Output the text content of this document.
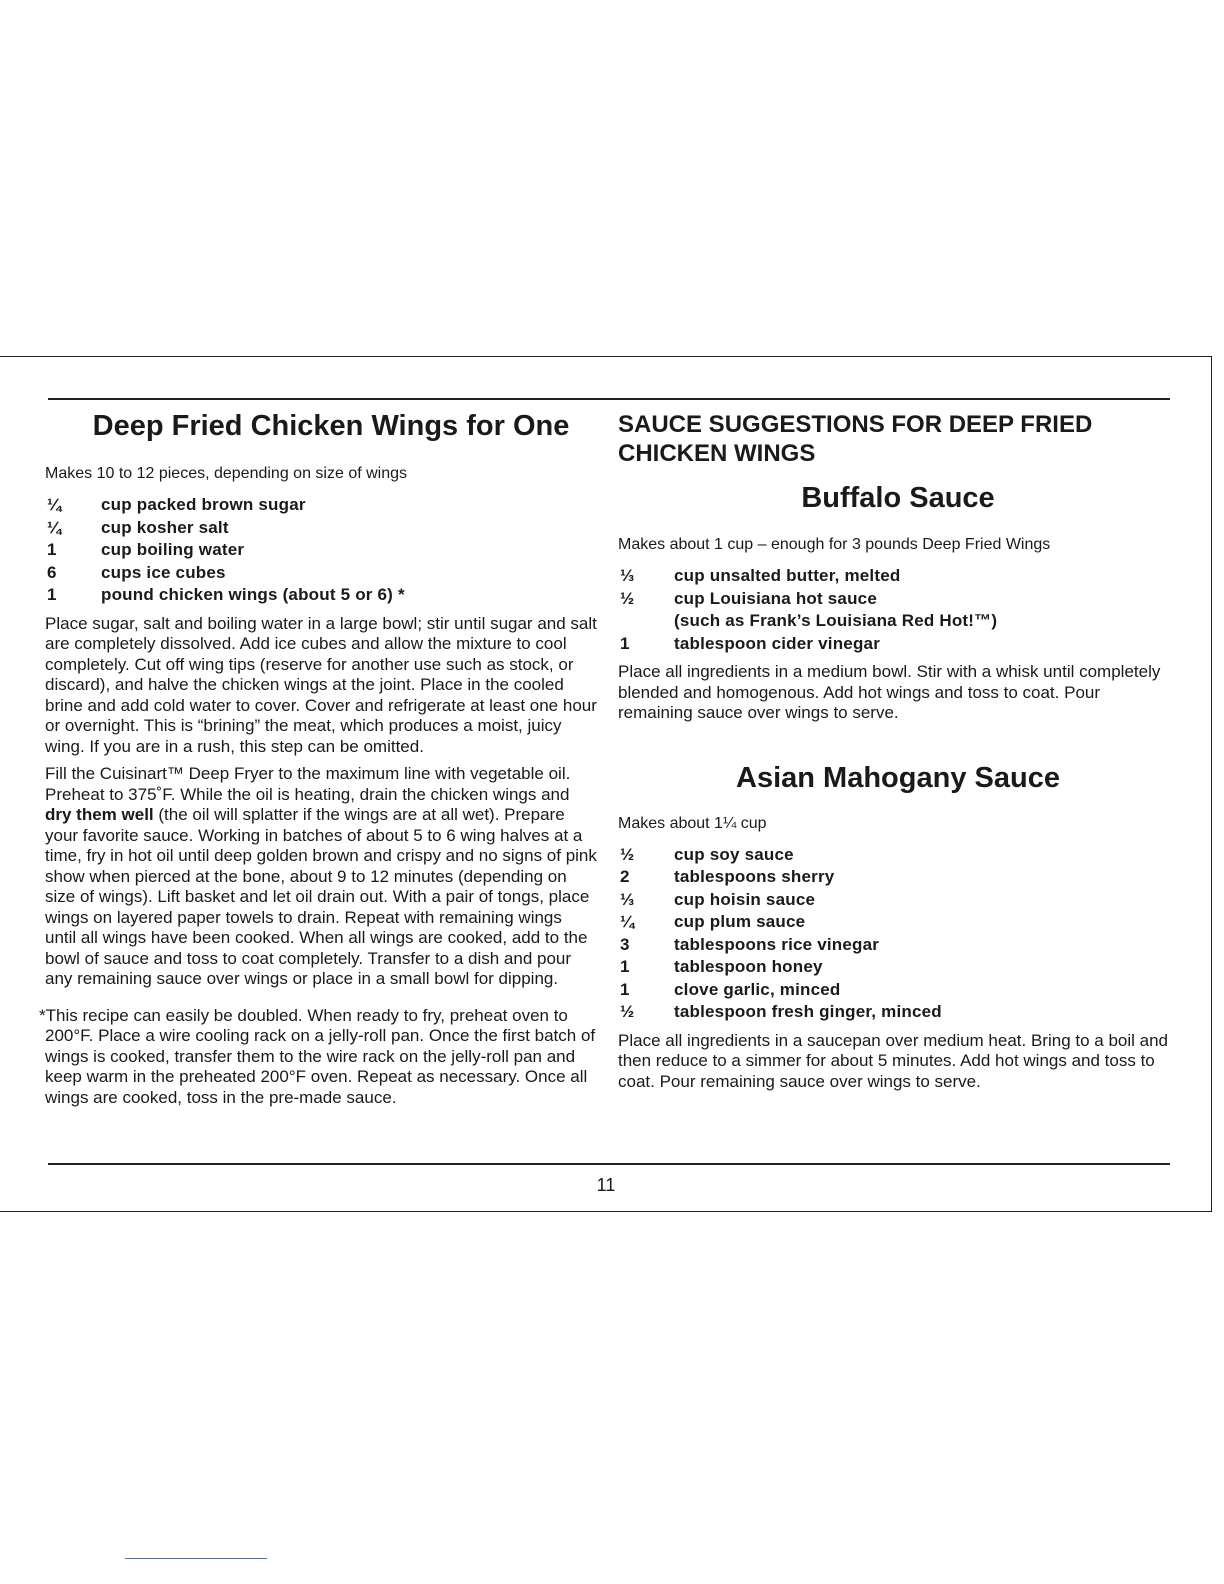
Deep Fried Chicken Wings for One

Makes 10 to 12 pieces, depending on size of wings

¼	cup packed brown sugar
¼	cup kosher salt
1	cup boiling water
6	cups ice cubes
1	pound chicken wings (about 5 or 6) *

Place sugar, salt and boiling water in a large bowl; stir until sugar and salt are completely dissolved. Add ice cubes and allow the mixture to cool completely. Cut off wing tips (reserve for another use such as stock, or discard), and halve the chicken wings at the joint. Place in the cooled brine and add cold water to cover. Cover and refrigerate at least one hour or overnight. This is “brining” the meat, which produces a moist, juicy wing. If you are in a rush, this step can be omitted.

Fill the Cuisinart™ Deep Fryer to the maximum line with vegetable oil. Preheat to 375˚F. While the oil is heating, drain the chicken wings and dry them well (the oil will splatter if the wings are at all wet). Prepare your favorite sauce. Working in batches of about 5 to 6 wing halves at a time, fry in hot oil until deep golden brown and crispy and no signs of pink show when pierced at the bone, about 9 to 12 minutes (depending on size of wings). Lift basket and let oil drain out. With a pair of tongs, place wings on layered paper towels to drain. Repeat with remaining wings until all wings have been cooked. When all wings are cooked, add to the bowl of sauce and toss to coat completely. Transfer to a dish and pour any remaining sauce over wings or place in a small bowl for dipping.

*This recipe can easily be doubled. When ready to fry, preheat oven to 200°F. Place a wire cooling rack on a jelly-roll pan. Once the first batch of wings is cooked, transfer them to the wire rack on the jelly-roll pan and keep warm in the preheated 200°F oven. Repeat as necessary. Once all wings are cooked, toss in the pre-made sauce.

SAUCE SUGGESTIONS FOR DEEP FRIED CHICKEN WINGS
Buffalo Sauce

Makes about 1 cup – enough for 3 pounds Deep Fried Wings

⅓	cup unsalted butter, melted
½	cup Louisiana hot sauce
(such as Frank’s Louisiana Red Hot!™)
1	tablespoon cider vinegar

Place all ingredients in a medium bowl. Stir with a whisk until completely blended and homogenous. Add hot wings and toss to coat. Pour remaining sauce over wings to serve.

Asian Mahogany Sauce

Makes about 1¼ cup

½	cup soy sauce
2	tablespoons sherry
⅓	cup hoisin sauce
¼	cup plum sauce
3	tablespoons rice vinegar
1	tablespoon honey
1	clove garlic, minced
½	tablespoon fresh ginger, minced

Place all ingredients in a saucepan over medium heat. Bring to a boil and then reduce to a simmer for about 5 minutes. Add hot wings and toss to coat. Pour remaining sauce over wings to serve.

11
